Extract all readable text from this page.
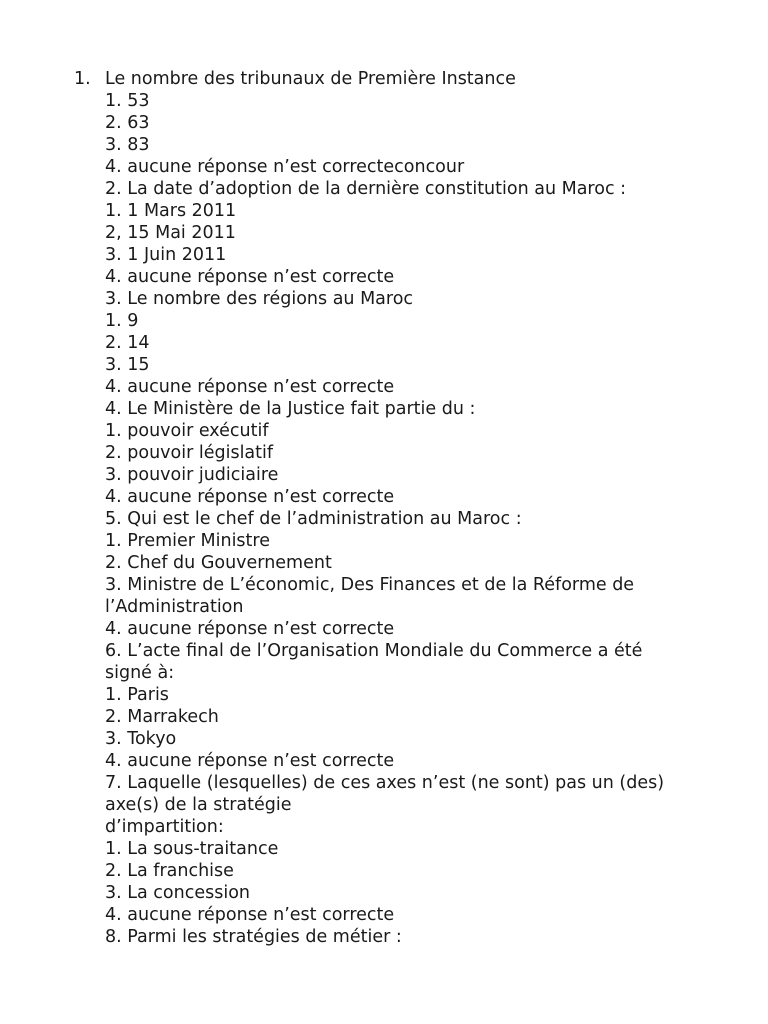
1. Le nombre des tribunaux de Première Instance
1. 53
2. 63
3. 83
4. aucune réponse n’est correcteconcour
2. La date d’adoption de la dernière constitution au Maroc :
1. 1 Mars 2011
2, 15 Mai 2011
3. 1 Juin 2011
4. aucune réponse n’est correcte
3. Le nombre des régions au Maroc
1. 9
2. 14
3. 15
4. aucune réponse n’est correcte
4. Le Ministère de la Justice fait partie du :
1. pouvoir exécutif
2. pouvoir législatif
3. pouvoir judiciaire
4. aucune réponse n’est correcte
5. Qui est le chef de l’administration au Maroc :
1. Premier Ministre
2. Chef du Gouvernement
3. Ministre de L’économic, Des Finances et de la Réforme de
l’Administration
4. aucune réponse n’est correcte
6. L’acte final de l’Organisation Mondiale du Commerce a été
signé à:
1. Paris
2. Marrakech
3. Tokyo
4. aucune réponse n’est correcte
7. Laquelle (lesquelles) de ces axes n’est (ne sont) pas un (des)
axe(s) de la stratégie
d’impartition:
1. La sous-traitance
2. La franchise
3. La concession
4. aucune réponse n’est correcte
8. Parmi les stratégies de métier :
